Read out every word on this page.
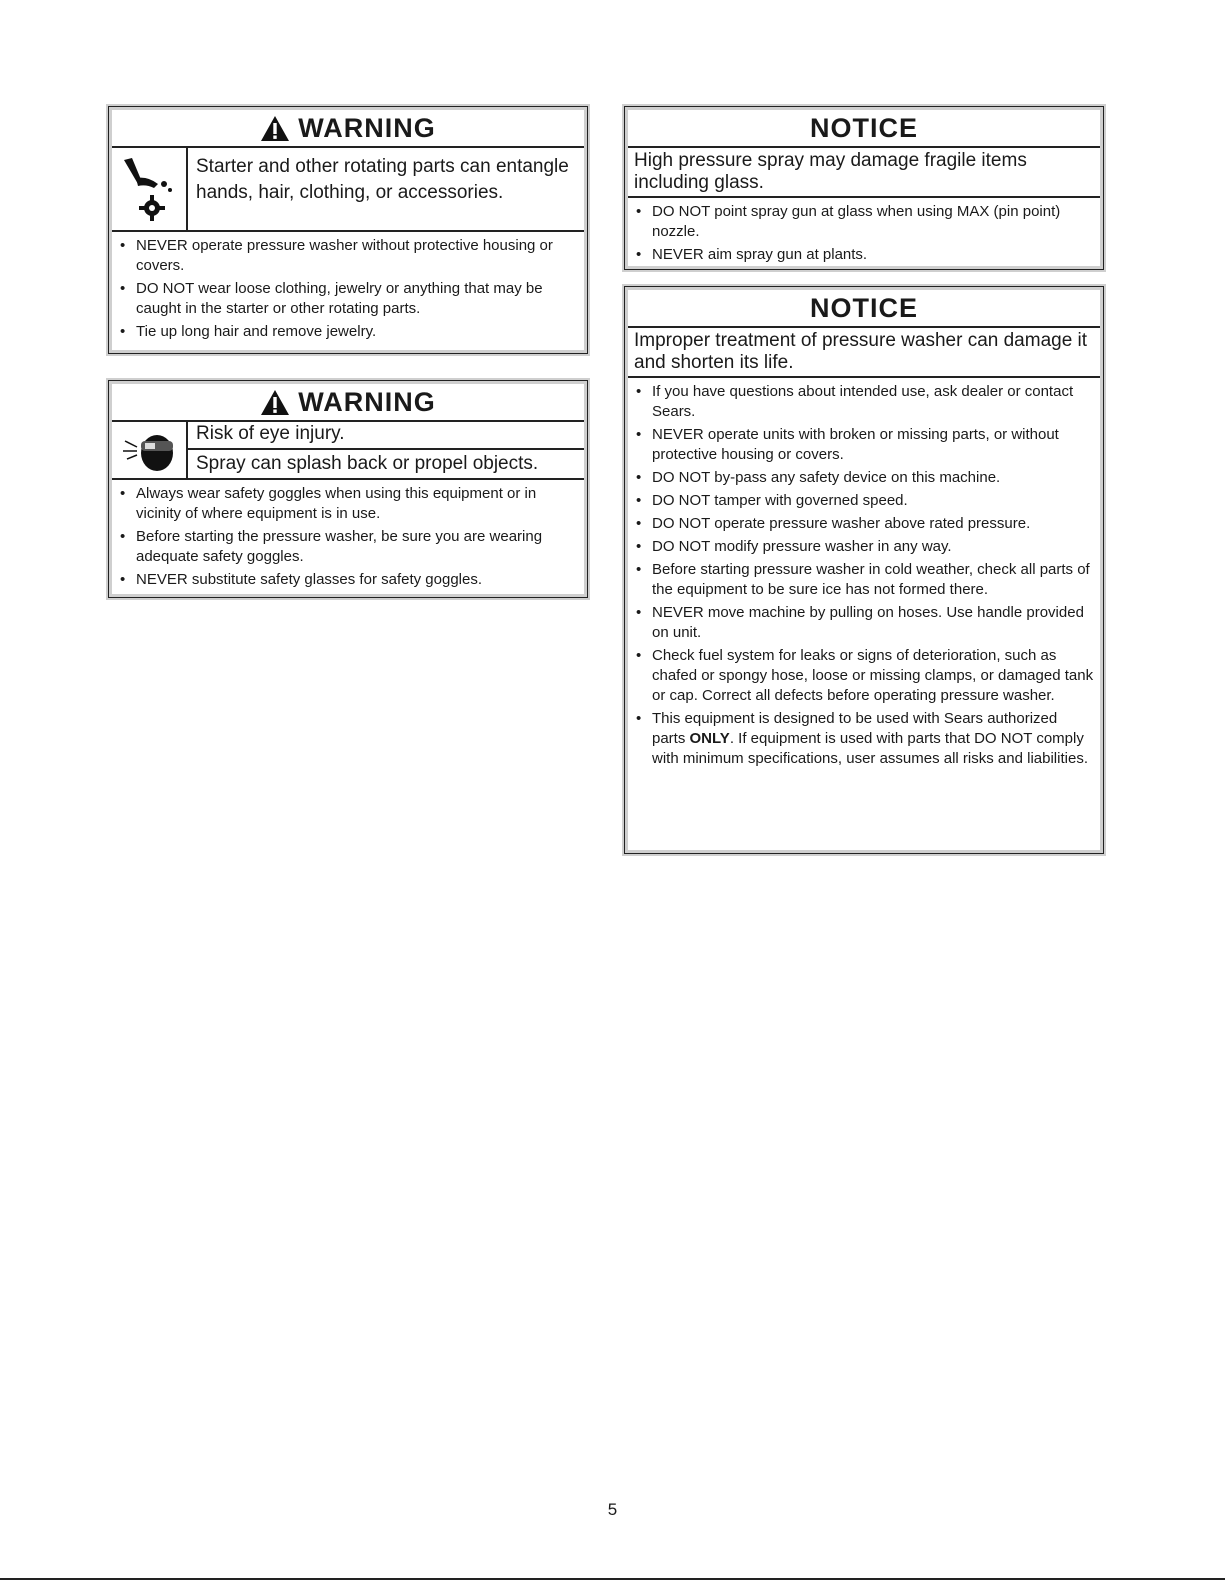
WARNING
Starter and other rotating parts can entangle hands, hair, clothing, or accessories.
• NEVER operate pressure washer without protective housing or covers.
• DO NOT wear loose clothing, jewelry or anything that may be caught in the starter or other rotating parts.
• Tie up long hair and remove jewelry.
WARNING
Risk of eye injury.
Spray can splash back or propel objects.
• Always wear safety goggles when using this equipment or in vicinity of where equipment is in use.
• Before starting the pressure washer, be sure you are wearing adequate safety goggles.
• NEVER substitute safety glasses for safety goggles.
NOTICE
High pressure spray may damage fragile items including glass.
• DO NOT point spray gun at glass when using MAX (pin point) nozzle.
• NEVER aim spray gun at plants.
NOTICE
Improper treatment of pressure washer can damage it and shorten its life.
• If you have questions about intended use, ask dealer or contact Sears.
• NEVER operate units with broken or missing parts, or without protective housing or covers.
• DO NOT by-pass any safety device on this machine.
• DO NOT tamper with governed speed.
• DO NOT operate pressure washer above rated pressure.
• DO NOT modify pressure washer in any way.
• Before starting pressure washer in cold weather, check all parts of the equipment to be sure ice has not formed there.
• NEVER move machine by pulling on hoses. Use handle provided on unit.
• Check fuel system for leaks or signs of deterioration, such as chafed or spongy hose, loose or missing clamps, or damaged tank or cap. Correct all defects before operating pressure washer.
• This equipment is designed to be used with Sears authorized parts ONLY. If equipment is used with parts that DO NOT comply with minimum specifications, user assumes all risks and liabilities.
5
